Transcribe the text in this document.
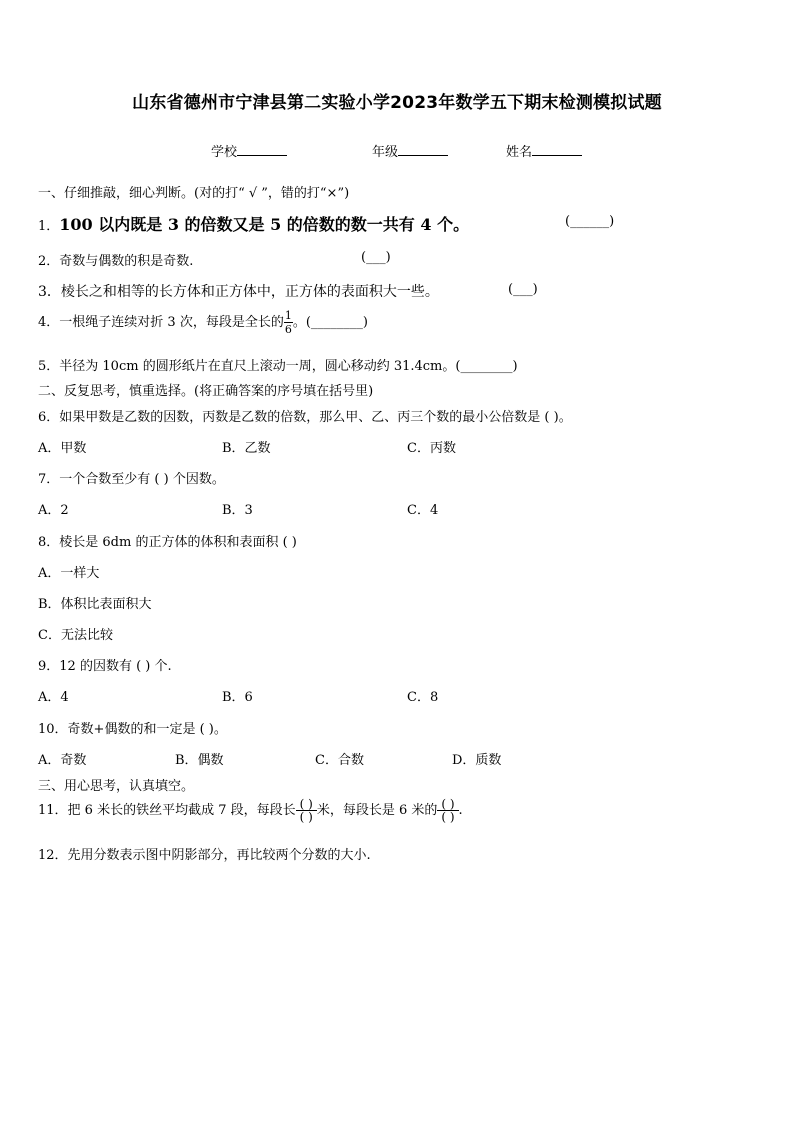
山东省德州市宁津县第二实验小学2023年数学五下期末检测模拟试题
学校	年级	姓名
一、仔细推敲，细心判断。(对的打“ √ ”，错的打“×”)
1．100 以内既是 3 的倍数又是 5 的倍数的数一共有 4 个。	(______)
2．奇数与偶数的积是奇数.	(___)
3．棱长之和相等的长方体和正方体中，正方体的表面积大一些。	(___)
4．一根绳子连续对折 3 次，每段是全长的 $\frac{1}{6}$ 。(________)
5．半径为 10cm 的圆形纸片在直尺上滚动一周，圆心移动约 31.4cm。(________)
二、反复思考，慎重选择。(将正确答案的序号填在括号里)
6．如果甲数是乙数的因数，丙数是乙数的倍数，那么甲、乙、丙三个数的最小公倍数是 ( )。
A．甲数	B．乙数	C．丙数
7．一个合数至少有 ( ) 个因数。
A．2	B．3	C．4
8．棱长是 6dm 的正方体的体积和表面积 ( )
A．一样大
B．体积比表面积大
C．无法比较
9．12 的因数有 ( ) 个.
A．4	B．6	C．8
10．奇数+偶数的和一定是 ( )。
A．奇数	B．偶数	C．合数	D．质数
三、用心思考，认真填空。
11．把 6 米长的铁丝平均截成 7 段，每段长 $\frac{( )}{( )}$ 米，每段长是 6 米的 $\frac{( )}{( )}$ .
12．先用分数表示图中阴影部分，再比较两个分数的大小.
